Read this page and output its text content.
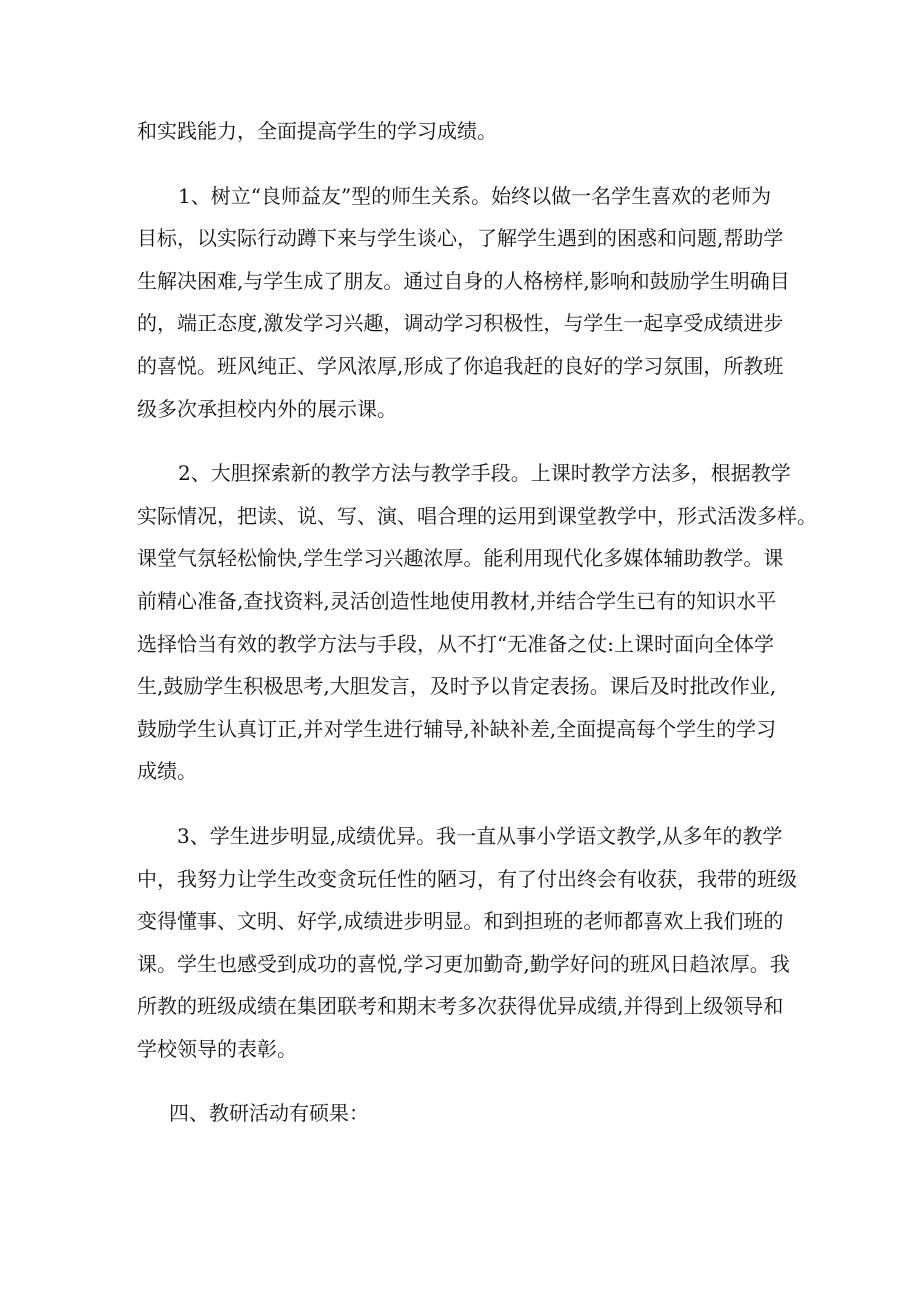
和实践能力，全面提高学生的学习成绩。
1、树立“良师益友”型的师生关系。始终以做一名学生喜欢的老师为
目标，以实际行动蹲下来与学生谈心，了解学生遇到的困惑和问题,帮助学
生解决困难,与学生成了朋友。通过自身的人格榜样,影响和鼓励学生明确目
的，端正态度,激发学习兴趣，调动学习积极性，与学生一起享受成绩进步
的喜悦。班风纯正、学风浓厚,形成了你追我赶的良好的学习氛围，所教班
级多次承担校内外的展示课。
2、大胆探索新的教学方法与教学手段。上课时教学方法多，根据教学
实际情况，把读、说、写、演、唱合理的运用到课堂教学中，形式活泼多样。
课堂气氛轻松愉快,学生学习兴趣浓厚。能利用现代化多媒体辅助教学。课
前精心准备,查找资料,灵活创造性地使用教材,并结合学生已有的知识水平
选择恰当有效的教学方法与手段，从不打“无准备之仗:上课时面向全体学
生,鼓励学生积极思考,大胆发言，及时予以肯定表扬。课后及时批改作业,
鼓励学生认真订正,并对学生进行辅导,补缺补差,全面提高每个学生的学习
成绩。
3、学生进步明显,成绩优异。我一直从事小学语文教学,从多年的教学
中，我努力让学生改变贪玩任性的陋习，有了付出终会有收获，我带的班级
变得懂事、文明、好学,成绩进步明显。和到担班的老师都喜欢上我们班的
课。学生也感受到成功的喜悦,学习更加勤奇,勤学好问的班风日趋浓厚。我
所教的班级成绩在集团联考和期末考多次获得优异成绩,并得到上级领导和
学校领导的表彰。
四、教研活动有硕果：
